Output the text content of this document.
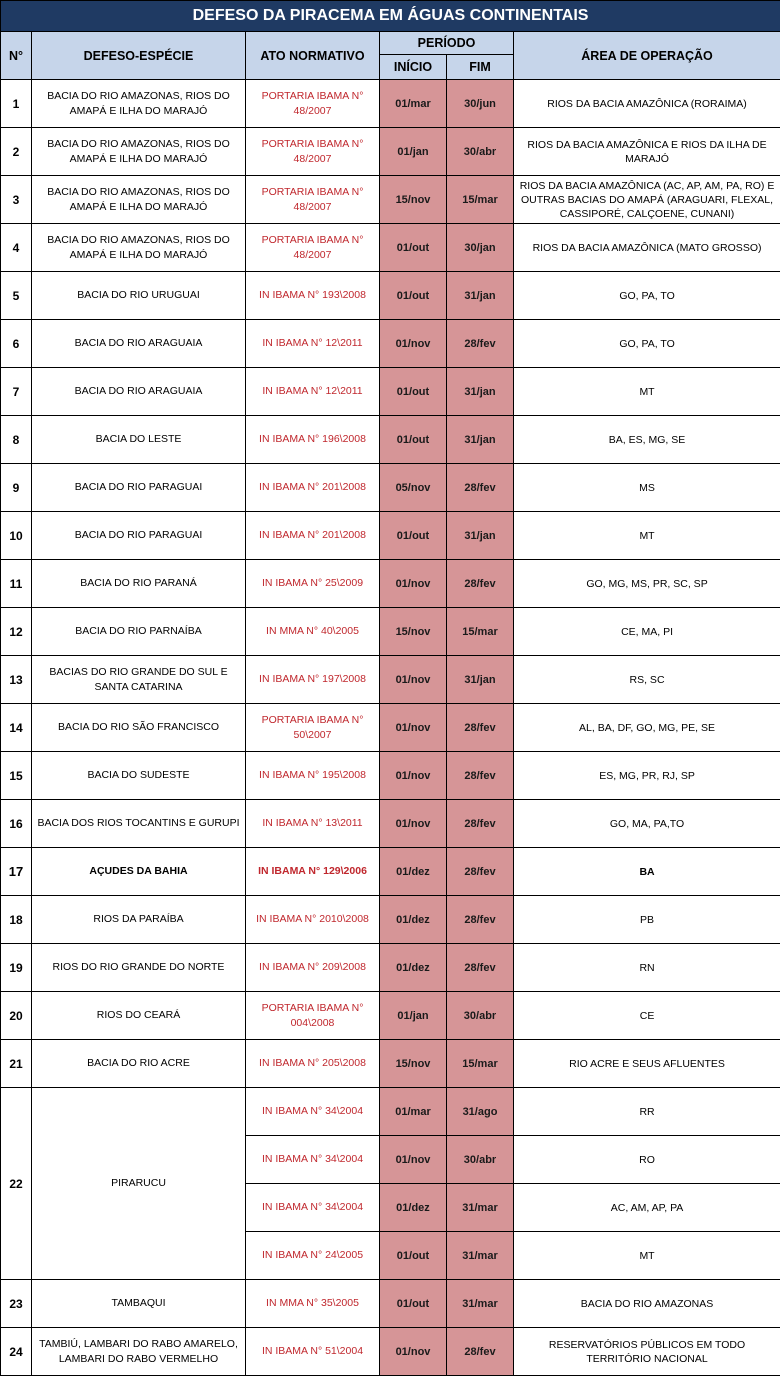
DEFESO DA PIRACEMA EM ÁGUAS CONTINENTAIS					
N°	DEFESO-ESPÉCIE	ATO NORMATIVO	PERÍODO		ÁREA DE OPERAÇÃO
			INÍCIO	FIM	
1	BACIA DO RIO AMAZONAS, RIOS DO AMAPÁ E ILHA DO MARAJÓ	PORTARIA IBAMA N° 48/2007	01/mar	30/jun	RIOS DA BACIA AMAZÔNICA (RORAIMA)
2	BACIA DO RIO AMAZONAS, RIOS DO AMAPÁ E ILHA DO MARAJÓ	PORTARIA IBAMA N° 48/2007	01/jan	30/abr	RIOS DA BACIA AMAZÔNICA E RIOS DA ILHA DE MARAJÓ
3	BACIA DO RIO AMAZONAS, RIOS DO AMAPÁ E ILHA DO MARAJÓ	PORTARIA IBAMA N° 48/2007	15/nov	15/mar	RIOS DA BACIA AMAZÔNICA (AC, AP, AM, PA, RO) E OUTRAS BACIAS DO AMAPÁ (ARAGUARI, FLEXAL, CASSIPORÉ, CALÇOENE, CUNANI)
4	BACIA DO RIO AMAZONAS, RIOS DO AMAPÁ E ILHA DO MARAJÓ	PORTARIA IBAMA N° 48/2007	01/out	30/jan	RIOS DA BACIA AMAZÔNICA (MATO GROSSO)
5	BACIA DO RIO URUGUAI	IN IBAMA N° 193\2008	01/out	31/jan	GO, PA, TO
6	BACIA DO RIO ARAGUAIA	IN IBAMA N° 12\2011	01/nov	28/fev	GO, PA, TO
7	BACIA DO RIO ARAGUAIA	IN IBAMA N° 12\2011	01/out	31/jan	MT
8	BACIA DO LESTE	IN IBAMA N° 196\2008	01/out	31/jan	BA, ES, MG, SE
9	BACIA DO RIO PARAGUAI	IN IBAMA N° 201\2008	05/nov	28/fev	MS
10	BACIA DO RIO PARAGUAI	IN IBAMA N° 201\2008	01/out	31/jan	MT
11	BACIA DO RIO PARANÁ	IN IBAMA N° 25\2009	01/nov	28/fev	GO, MG, MS, PR, SC, SP
12	BACIA DO RIO PARNAÍBA	IN MMA N° 40\2005	15/nov	15/mar	CE, MA, PI
13	BACIAS DO RIO GRANDE DO SUL E SANTA CATARINA	IN IBAMA N° 197\2008	01/nov	31/jan	RS, SC
14	BACIA DO RIO SÃO FRANCISCO	PORTARIA IBAMA N° 50\2007	01/nov	28/fev	AL, BA, DF, GO, MG, PE, SE
15	BACIA DO SUDESTE	IN IBAMA N° 195\2008	01/nov	28/fev	ES, MG, PR, RJ, SP
16	BACIA DOS RIOS TOCANTINS E GURUPI	IN IBAMA N° 13\2011	01/nov	28/fev	GO, MA, PA,TO
17	AÇUDES DA BAHIA	IN IBAMA N° 129\2006	01/dez	28/fev	BA
18	RIOS DA PARAÍBA	IN IBAMA N° 2010\2008	01/dez	28/fev	PB
19	RIOS DO RIO GRANDE DO NORTE	IN IBAMA N° 209\2008	01/dez	28/fev	RN
20	RIOS DO CEARÁ	PORTARIA IBAMA N° 004\2008	01/jan	30/abr	CE
21	BACIA DO RIO ACRE	IN IBAMA N° 205\2008	15/nov	15/mar	RIO ACRE E SEUS AFLUENTES
22	PIRARUCU	IN IBAMA N° 34\2004	01/mar	31/ago	RR
		IN IBAMA N° 34\2004	01/nov	30/abr	RO
		IN IBAMA N° 34\2004	01/dez	31/mar	AC, AM, AP, PA
		IN IBAMA N° 24\2005	01/out	31/mar	MT
23	TAMBAQUI	IN MMA N° 35\2005	01/out	31/mar	BACIA DO RIO AMAZONAS
24	TAMBIÚ, LAMBARI DO RABO AMARELO, LAMBARI DO RABO VERMELHO	IN IBAMA N° 51\2004	01/nov	28/fev	RESERVATÓRIOS PÚBLICOS EM TODO TERRITÓRIO NACIONAL
